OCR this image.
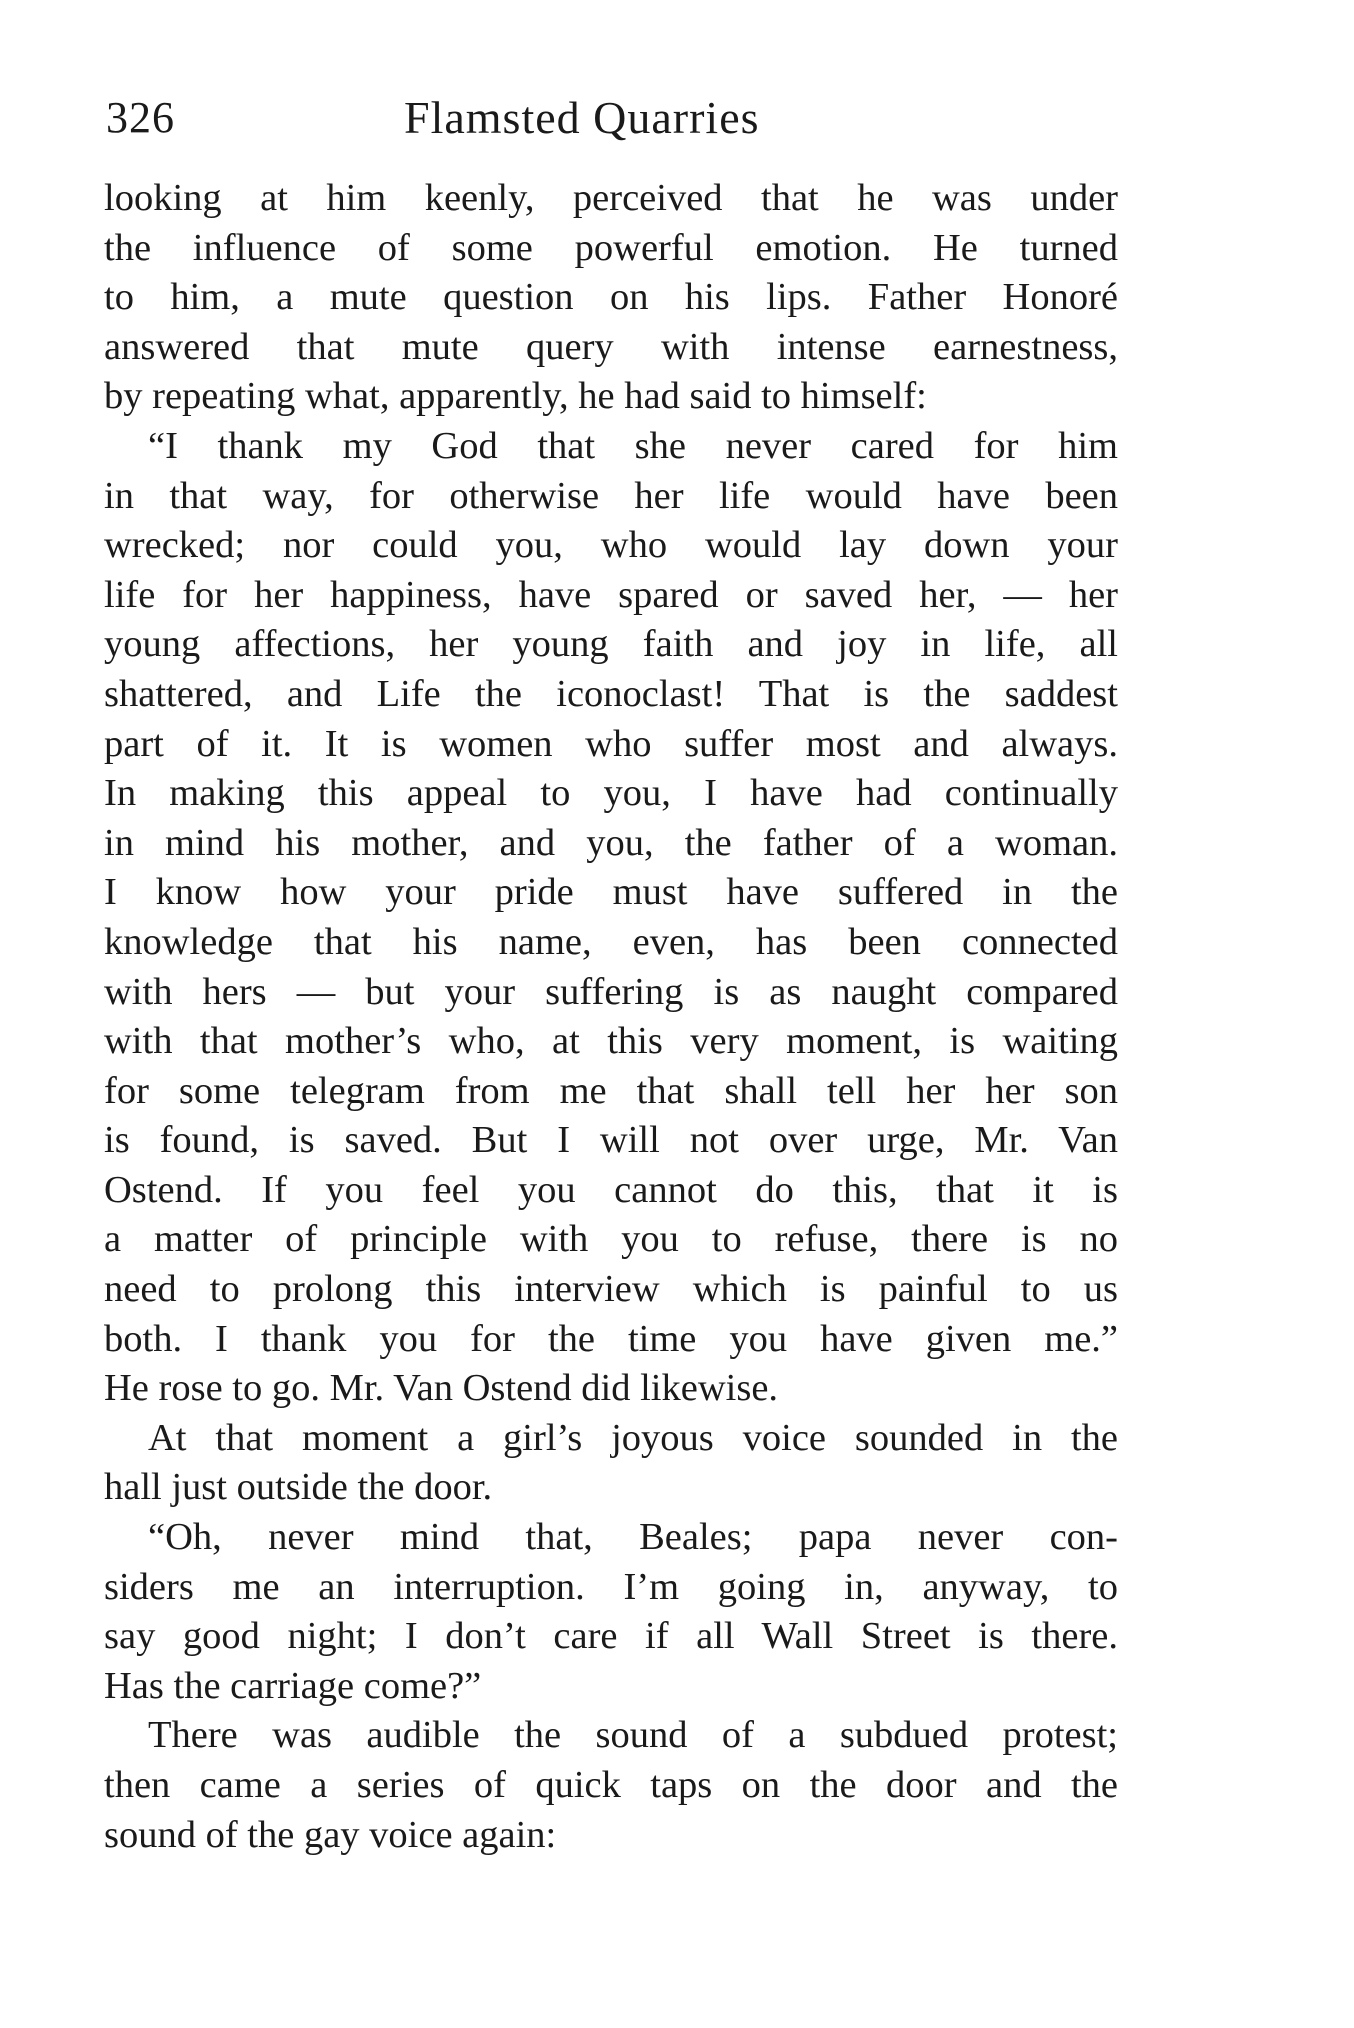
326	Flamsted Quarries
looking at him keenly, perceived that he was under
the influence of some powerful emotion. He turned
to him, a mute question on his lips. Father Honoré
answered that mute query with intense earnestness,
by repeating what, apparently, he had said to himself:
“I thank my God that she never cared for him
in that way, for otherwise her life would have been
wrecked; nor could you, who would lay down your
life for her happiness, have spared or saved her, — her
young affections, her young faith and joy in life, all
shattered, and Life the iconoclast! That is the saddest
part of it. It is women who suffer most and always.
In making this appeal to you, I have had continually
in mind his mother, and you, the father of a woman.
I know how your pride must have suffered in the
knowledge that his name, even, has been connected
with hers — but your suffering is as naught compared
with that mother’s who, at this very moment, is waiting
for some telegram from me that shall tell her her son
is found, is saved. But I will not over urge, Mr. Van
Ostend. If you feel you cannot do this, that it is
a matter of principle with you to refuse, there is no
need to prolong this interview which is painful to us
both. I thank you for the time you have given me.”
He rose to go. Mr. Van Ostend did likewise.
At that moment a girl’s joyous voice sounded in the
hall just outside the door.
“Oh, never mind that, Beales; papa never con-
siders me an interruption. I’m going in, anyway, to
say good night; I don’t care if all Wall Street is there.
Has the carriage come?”
There was audible the sound of a subdued protest;
then came a series of quick taps on the door and the
sound of the gay voice again:
